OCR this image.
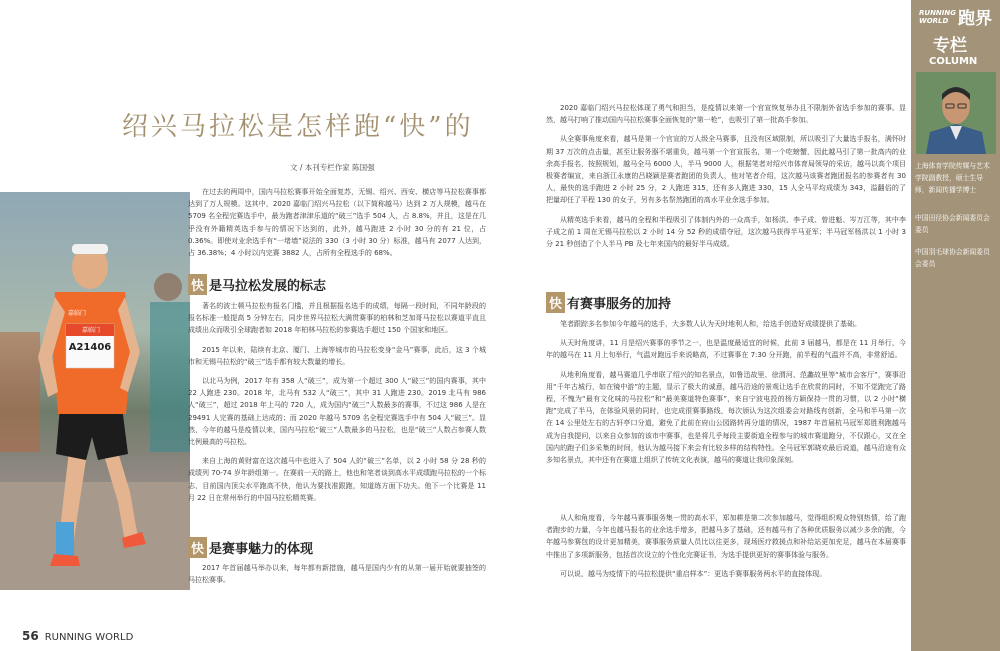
绍兴马拉松是怎样跑“快”的
嘉临门
A21406
嘉临门

在过去的两周中，国内马拉松赛事开始全面复苏，无锡、绍兴、西安、横店等马拉松赛事都达到了万人规模。这其中，2020 嘉临门绍兴马拉松（以下简称越马）达到 2 万人规模，越马在 5709 名全程完赛选手中，最为跑者津津乐道的“破三”选手 504 人，占 8.8%，并且，这是在几乎没有外籍精英选手参与的情况下达到的，此外，越马跑进 2 小时 30 分的有 21 位，占 0.36%。即使对业余选手有“一堵墙”说法的 330（3 小时 30 分）标准，越马有 2077 人达到，占 36.38%；4 小时以内完赛 3882 人，占所有全程选手的 68%。

快 是马拉松发展的标志

著名的波士顿马拉松有报名门槛，并且根据报名选手的成绩，每隔一段时间，不同年龄段的报名标准一般提高 5 分钟左右，同步世界马拉松大满贯赛事的柏林和芝加哥马拉松以赛道平直且成绩出众而吸引全球跑者如 2018 年柏林马拉松的参赛选手超过 150 个国家和地区。

2015 年以来，陆续有北京、厦门、上海等城市的马拉松变身“金马”赛事，此后，这 3 个城市和无锡马拉松的“破三”选手都有较大数量的增长。

以北马为例，2017 年有 358 人“破三”，成为第一个超过 300 人“破三”的国内赛事，其中 22 人跑进 230。2018 年，北马有 532 人“破三”，其中 31 人跑进 230。2019 北马有 986 人“破三”，超过 2018 年上马的 720 人，成为国内“破三”人数最多的赛事，不过这 986 人是在 29491 人完赛的基础上达成的；而 2020 年越马 5709 名全程完赛选手中有 504 人“破三”。显然，今年的越马是疫情以来，国内马拉松“破三”人数最多的马拉松，也是“破三”人数占参赛人数比例最高的马拉松。

来自上海的黄财富在这次越马中也进入了 504 人的“破三”名单，以 2 小时 58 分 28 秒的成绩列 70-74 岁年龄组第一。在赛前一天的路上，他也和笔者谈到高水平成绩跑马拉松的一个标志，目前国内顶尖水平跑高不快，他认为要找准跟跑，知道练方面下功夫。他下一个比赛是 11 月 22 日在常州举行的中国马拉松精英赛。

快 是赛事魅力的体现

2017 年首届越马举办以来，每年都有新措施，越马是国内少有的从第一届开始就要抽签的马拉松赛事。

56 RUNNING WORLD
文 / 本刊专栏作家 陈国强

2020 嘉临门绍兴马拉松体现了勇气和担当，是疫情以来第一个官宣恢复举办且不限制外省选手参加的赛事。显然，越马打响了推动国内马拉松赛事全面恢复的“第一枪”，也吸引了第一批高手参加。

从全赛事角度来看，越马是第一个官宣的万人级全马赛事，且没有区域限制，所以吸引了大量选手报名，满怀时期 37 万次的点击量，甚至让服务器不堪重负，越马第一个官宣报名，第一个吃螃蟹，因此越马引了第一批高内的业余高手报名，按照规划，越马全马 6000 人，半马 9000 人，根据笔者对绍兴市体育局领导的采访，越马以高个项目极赛者编宣，来自浙江永康的吕晓颖是赛者跑团的负责人，他对笔者介绍，这次越马该赛者跑团报名的参赛者有 30 人，最快的选手跑进 2 小时 25 分，2 人跑进 315，还有多人跑进 330，15 人全马平均成绩为 343，溢翻俗的了 把量却任了平程 130 的女子，另有多名祭然跑团的高水平业余选手参加。

从精英选手来看，越马的全程和半程吸引了体制内外的一众高手，如杨洪、李子成、曾进魁、岑万江等，其中李子成之前 1 周在无锡马拉松以 2 小时 14 分 52 秒的成绩夺冠，这次越马获得半马亚军；半马冠军杨洪以 1 小时 3 分 21 秒创造了个人半马 PB 及七年来国内的最好半马成绩。

快 有赛事服务的加持

笔者跟踪多名参加今年越马的选手，大多数人认为天时地利人和，给选手创造好成绩提供了基础。

从天时角度讲，11 月是绍兴赛事的季节之一，也是温度最适宜的时候，此前 3 届越马，都是在 11 月举行，今年的越马在 11 月上旬举行，气温对跑远手来说略高，不过赛事在 7:30 分开跑，前半程的气温并不高，非常舒适。

从地利角度看，越马赛道几乎串联了绍兴的知名景点，如鲁迅故里、徐渭河、范蠡故里等“城市会客厅”，赛事沿用“千年古城行，如在镜中游”的主题，显示了极大的诚意，越马沿途的景观让选手在欣赏的同时，不知不觉跑完了路程，不愧为“最有文化味的马拉松”和“最美赛道特色赛事”，来自宁波电投的杨方颖保持一贯的习惯，以 2 小时“横跑”完成了半马，在体验风景的同时，也完成很赛事路线，每次颁认为这次组委会对路线有创新，全马和半马第一次在 14 公里处左右的古轩亭口分道，避免了此前在府山公园路转再分道的情况，1987 年首届杭马冠军郑胜利跑越马成为自我提问，以来自众参加的该市中赛事，也是将几乎每段主要街道全程参与的城市赛道跑分，不仅跟心，又在全国内的跑子们多采集的时间，他认为越马接下来会有比较多样的结构特性。全马冠军郭晓欢最后说道，越马沿途有众多知名景点，其中还有在赛道上组织了传统文化表演，越马的赛道让我印象深刻。

从人和角度看，今年越马赛事服务集一贯的高水平，郑加耕是第二次参加越马，觉得组织观众特别热情，给了跑者跑步的力量，今年也越马报名的业余选手增多，把越马多了基础，还有越马有了各种优质服务以减少多余的跑，今年越马参赛包的设计更加精美，赛事服务质量人员比以往更多，现场医疗救援点和补给站更加充足，越马在本届赛事中推出了多项新服务，包括首次设立的个性化完赛证书，为选手提供更好的赛事体验与服务。

可以说，越马为疫情下的马拉松提供“重启样本”：更选手赛事服务两水平的直接体现。

RUNNING
WORLD 跑界
专栏
COLUMN
上海体育学院传媒与艺术学院副教授，硕士生导师，新闻传播学博士
中国田径协会新闻委员会委员
中国羽毛球协会新闻委员会委员
